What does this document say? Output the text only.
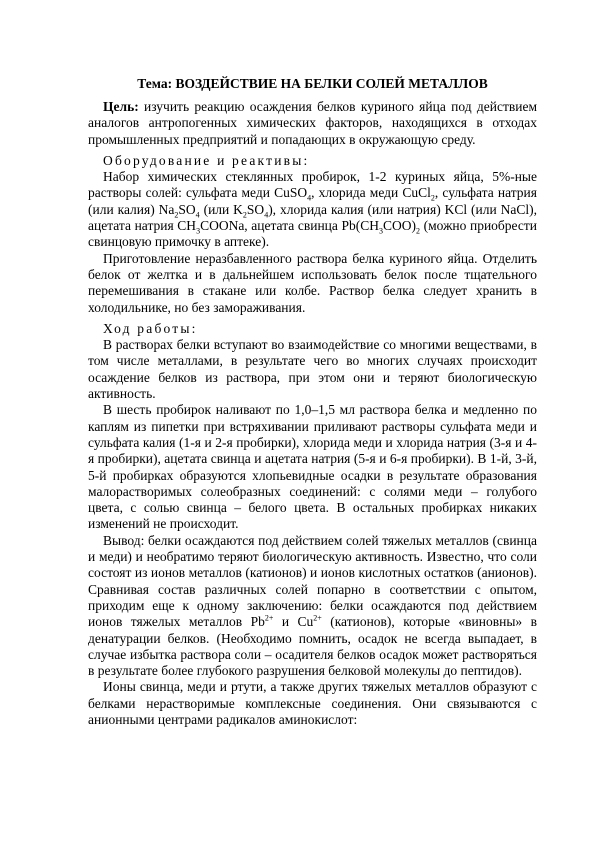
Тема: ВОЗДЕЙСТВИЕ НА БЕЛКИ СОЛЕЙ МЕТАЛЛОВ

Цель: изучить реакцию осаждения белков куриного яйца под действием аналогов антропогенных химических факторов, находящихся в отходах промышленных предприятий и попадающих в окружающую среду.

Оборудование и реактивы:

Набор химических стеклянных пробирок, 1-2 куриных яйца, 5%-ные растворы солей: сульфата меди CuSO$_4$, хлорида меди CuCl$_2$, сульфата натрия (или калия) $Na_2SO_4$ (или $K_2SO_4$), хлорида калия (или натрия) KCl (или NaCl), ацетата натрия $CH_3COONa$, ацетата свинца $Pb(CH_3COO)_2$ (можно приобрести свинцовую примочку в аптеке).

Приготовление неразбавленного раствора белка куриного яйца. Отделить белок от желтка и в дальнейшем использовать белок после тщательного перемешивания в стакане или колбе. Раствор белка следует хранить в холодильнике, но без замораживания.

Ход работы:

В растворах белки вступают во взаимодействие со многими веществами, в том числе металлами, в результате чего во многих случаях происходит осаждение белков из раствора, при этом они и теряют биологическую активность.

В шесть пробирок наливают по 1,0–1,5 мл раствора белка и медленно по каплям из пипетки при встряхивании приливают растворы сульфата меди и сульфата калия (1-я и 2-я пробирки), хлорида меди и хлорида натрия (3-я и 4-я пробирки), ацетата свинца и ацетата натрия (5-я и 6-я пробирки). В 1-й, 3-й, 5-й пробирках образуются хлопьевидные осадки в результате образования малорастворимых солеобразных соединений: с солями меди – голубого цвета, с солью свинца – белого цвета. В остальных пробирках никаких изменений не происходит.

Вывод: белки осаждаются под действием солей тяжелых металлов (свинца и меди) и необратимо теряют биологическую активность. Известно, что соли состоят из ионов металлов (катионов) и ионов кислотных остатков (анионов). Сравнивая состав различных солей попарно в соответствии с опытом, приходим еще к одному заключению: белки осаждаются под действием ионов тяжелых металлов $Pb^{2+}$ и $Cu^{2+}$ (катионов), которые «виновны» в денатурации белков. (Необходимо помнить, осадок не всегда выпадает, в случае избытка раствора соли – осадителя белков осадок может растворяться в результате более глубокого разрушения белковой молекулы до пептидов).

Ионы свинца, меди и ртути, а также других тяжелых металлов образуют с белками нерастворимые комплексные соединения. Они связываются с анионными центрами радикалов аминокислот:
